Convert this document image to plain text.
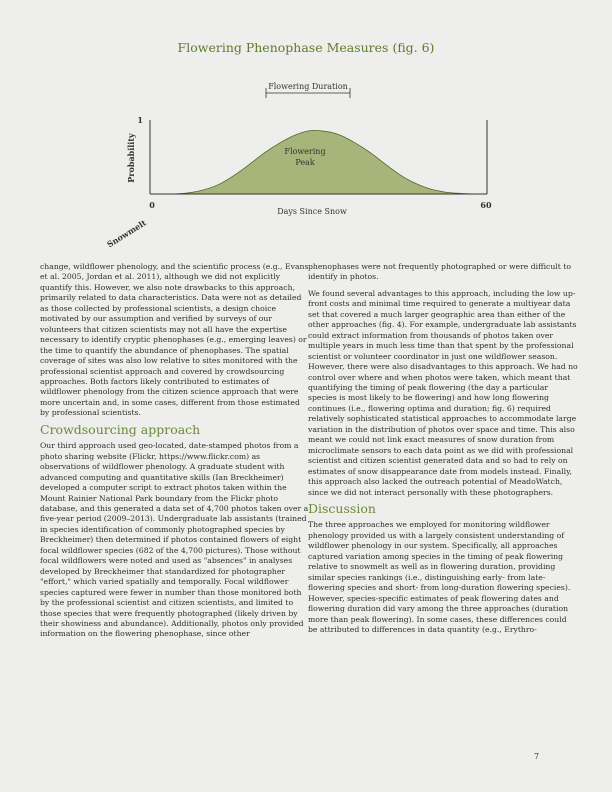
Flowering Phenophase Measures (fig. 6)
Flowering Duration
1
0	60
Probability
Days Since Snow
Snowmelt
Flowering
Peak

change, wildflower phenology, and the scientific process (e.g., Evans et al. 2005, Jordan et al. 2011), although we did not explicitly quantify this. However, we also note drawbacks to this approach, primarily related to data characteristics. Data were not as detailed as those collected by professional scientists, a design choice motivated by our assumption and verified by surveys of our volunteers that citizen scientists may not all have the expertise necessary to identify cryptic phenophases (e.g., emerging leaves) or the time to quantify the abundance of phenophases. The spatial coverage of sites was also low relative to sites monitored with the professional scientist approach and covered by crowdsourcing approaches. Both factors likely contributed to estimates of wildflower phenology from the citizen science approach that were more uncertain and, in some cases, different from those estimated by professional scientists.

Crowdsourcing approach

Our third approach used geo-located, date-stamped photos from a photo sharing website (Flickr, https://www.flickr.com) as observations of wildflower phenology. A graduate student with advanced computing and quantitative skills (Ian Breckheimer) developed a computer script to extract photos taken within the Mount Rainier National Park boundary from the Flickr photo database, and this generated a data set of 4,700 photos taken over a five-year period (2009–2013). Undergraduate lab assistants (trained in species identification of commonly photographed species by Breckheimer) then determined if photos contained flowers of eight focal wildflower species (682 of the 4,700 pictures). Those without focal wildflowers were noted and used as "absences" in analyses developed by Breckheimer that standardized for photographer "effort," which varied spatially and temporally. Focal wildflower species captured were fewer in number than those monitored both by the professional scientist and citizen scientists, and limited to those species that were frequently photographed (likely driven by their showiness and abundance). Additionally, photos only provided information on the flowering phenophase, since other

phenophases were not frequently photographed or were difficult to identify in photos.

We found several advantages to this approach, including the low up-front costs and minimal time required to generate a multiyear data set that covered a much larger geographic area than either of the other approaches (fig. 4). For example, undergraduate lab assistants could extract information from thousands of photos taken over multiple years in much less time than that spent by the professional scientist or volunteer coordinator in just one wildflower season. However, there were also disadvantages to this approach. We had no control over where and when photos were taken, which meant that quantifying the timing of peak flowering (the day a particular species is most likely to be flowering) and how long flowering continues (i.e., flowering optima and duration; fig. 6) required relatively sophisticated statistical approaches to accommodate large variation in the distribution of photos over space and time. This also meant we could not link exact measures of snow duration from microclimate sensors to each data point as we did with professional scientist and citizen scientist generated data and so had to rely on estimates of snow disappearance date from models instead. Finally, this approach also lacked the outreach potential of MeadoWatch, since we did not interact personally with these photographers.

Discussion

The three approaches we employed for monitoring wildflower phenology provided us with a largely consistent understanding of wildflower phenology in our system. Specifically, all approaches captured variation among species in the timing of peak flowering relative to snowmelt as well as in flowering duration, providing similar species rankings (i.e., distinguishing early- from late-flowering species and short- from long-duration flowering species). However, species-specific estimates of peak flowering dates and flowering duration did vary among the three approaches (duration more than peak flowering). In some cases, these differences could be attributed to differences in data quantity (e.g., Erythro-

7
